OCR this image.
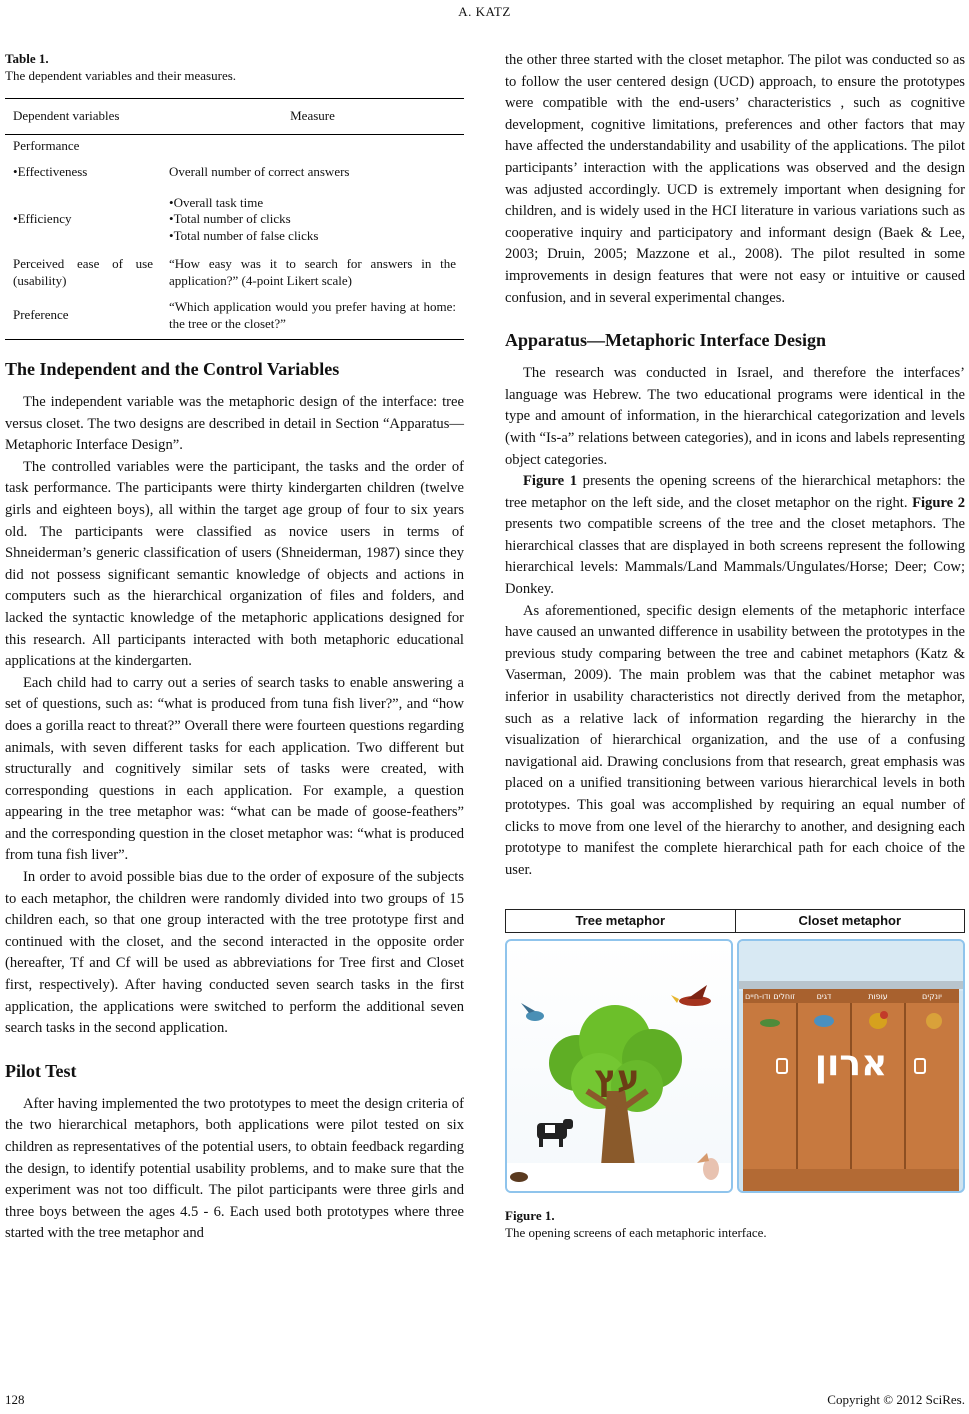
A. KATZ
Table 1.
The dependent variables and their measures.
Dependent variables	Measure
Performance	
• Effectiveness	Overall number of correct answers
• Efficiency	• Overall task time
• Total number of clicks
• Total number of false clicks

Perceived ease of use (usability)	“How easy was it to search for answers in the application?” (4-point Likert scale)
Preference	“Which application would you prefer having at home: the tree or the closet?”
The Independent and the Control Variables

The independent variable was the metaphoric design of the interface: tree versus closet. The two designs are described in detail in Section “Apparatus—Metaphoric Interface Design”.

The controlled variables were the participant, the tasks and the order of task performance. The participants were thirty kindergarten children (twelve girls and eighteen boys), all within the target age group of four to six years old. The participants were classified as novice users in terms of Shneiderman’s generic classification of users (Shneiderman, 1987) since they did not possess significant semantic knowledge of objects and actions in computers such as the hierarchical organization of files and folders, and lacked the syntactic knowledge of the metaphoric applications designed for this research. All participants interacted with both metaphoric educational applications at the kindergarten.

Each child had to carry out a series of search tasks to enable answering a set of questions, such as: “what is produced from tuna fish liver?”, and “how does a gorilla react to threat?” Overall there were fourteen questions regarding animals, with seven different tasks for each application. Two different but structurally and cognitively similar sets of tasks were created, with corresponding questions in each application. For example, a question appearing in the tree metaphor was: “what can be made of goose-feathers” and the corresponding question in the closet metaphor was: “what is produced from tuna fish liver”.

In order to avoid possible bias due to the order of exposure of the subjects to each metaphor, the children were randomly divided into two groups of 15 children each, so that one group interacted with the tree prototype first and continued with the closet, and the second interacted in the opposite order (hereafter, Tf and Cf will be used as abbreviations for Tree first and Closet first, respectively). After having conducted seven search tasks in the first application, the applications were switched to perform the additional seven search tasks in the second application.

Pilot Test

After having implemented the two prototypes to meet the design criteria of the two hierarchical metaphors, both applications were pilot tested on six children as representatives of the potential users, to obtain feedback regarding the design, to identify potential usability problems, and to make sure that the experiment was not too difficult. The pilot participants were three girls and three boys between the ages 4.5 - 6. Each used both prototypes where three started with the tree metaphor and

the other three started with the closet metaphor. The pilot was conducted so as to follow the user centered design (UCD) approach, to ensure the prototypes were compatible with the end-users’ characteristics , such as cognitive development, cognitive limitations, preferences and other factors that may have affected the understandability and usability of the applications. The pilot participants’ interaction with the applications was observed and the design was adjusted accordingly. UCD is extremely important when designing for children, and is widely used in the HCI literature in various variations such as cooperative inquiry and participatory and informant design (Baek & Lee, 2003; Druin, 2005; Mazzone et al., 2008). The pilot resulted in some improvements in design features that were not easy or intuitive or caused confusion, and in several experimental changes.

Apparatus—Metaphoric Interface Design

The research was conducted in Israel, and therefore the interfaces’ language was Hebrew. The two educational programs were identical in the type and amount of information, in the hierarchical categorization and levels (with “Is-a” relations between categories), and in icons and labels representing object categories.

Figure 1 presents the opening screens of the hierarchical metaphors: the tree metaphor on the left side, and the closet metaphor on the right. Figure 2 presents two compatible screens of the tree and the closet metaphors. The hierarchical classes that are displayed in both screens represent the following hierarchical levels: Mammals/Land Mammals/Ungulates/Horse; Deer; Cow; Donkey.

As aforementioned, specific design elements of the metaphoric interface have caused an unwanted difference in usability between the prototypes in the previous study comparing between the tree and cabinet metaphors (Katz & Vaserman, 2009). The main problem was that the cabinet metaphor was inferior in usability characteristics not directly derived from the metaphor, such as a relative lack of information regarding the hierarchy in the visualization of hierarchical organization, and the use of a confusing navigational aid. Drawing conclusions from that research, great emphasis was placed on a unified transitioning between various hierarchical levels in both prototypes. This goal was accomplished by requiring an equal number of clicks to move from one level of the hierarchy to another, and designing each prototype to manifest the complete hierarchical path for each choice of the user.

Tree metaphor	Closet metaphor
עץ
זוחלים ודו-חיים	דגים	עופות	יונקים
ארון
Figure 1.
The opening screens of each metaphoric interface.
128	Copyright © 2012 SciRes.
